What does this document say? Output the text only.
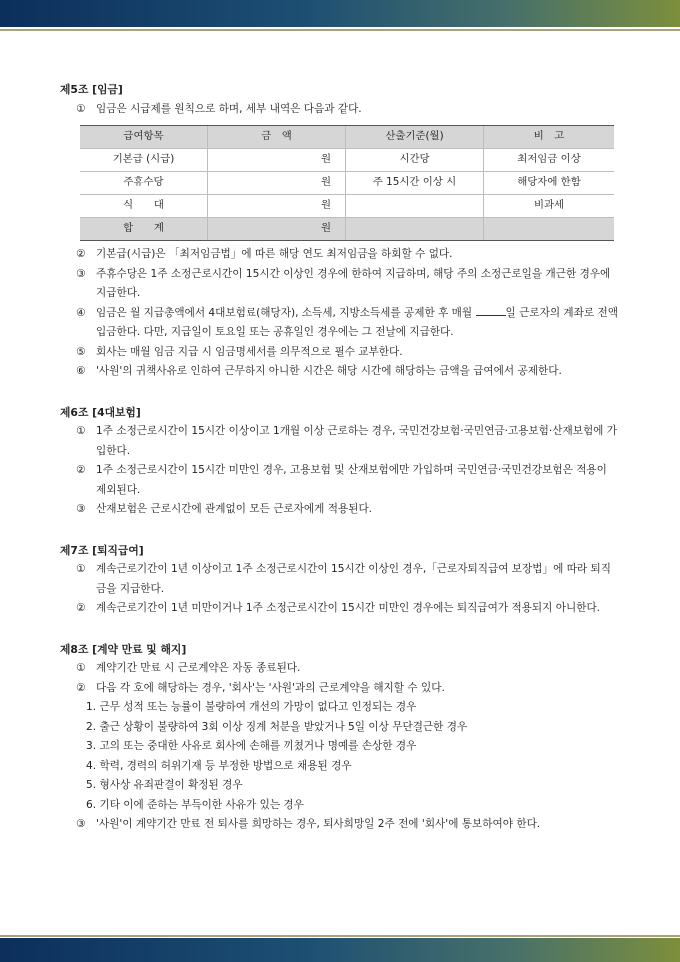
제5조 [임금]

① 임금은 시급제를 원칙으로 하며, 세부 내역은 다음과 같다.
급여항목	금　액	산출기준(월)	비　고
기본급 (시급)	원	시간당	최저임금 이상
주휴수당	원	주 15시간 이상 시	해당자에 한함
식　　대	원		비과세
합　　계	원		
② 기본급(시급)은 「최저임금법」에 따른 해당 연도 최저임금을 하회할 수 없다.
③ 주휴수당은 1주 소정근로시간이 15시간 이상인 경우에 한하여 지급하며, 해당 주의 소정근로일을 개근한 경우에 지급한다.
④ 임금은 월 지급총액에서 4대보험료(해당자), 소득세, 지방소득세를 공제한 후 매월	일 근로자의 계좌로 전액 입금한다. 다만, 지급일이 토요일 또는 공휴일인 경우에는 그 전날에 지급한다.
⑤ 회사는 매월 임금 지급 시 임금명세서를 의무적으로 필수 교부한다.
⑥ '사원'의 귀책사유로 인하여 근무하지 아니한 시간은 해당 시간에 해당하는 금액을 급여에서 공제한다.

제6조 [4대보험]

① 1주 소정근로시간이 15시간 이상이고 1개월 이상 근로하는 경우, 국민건강보험·국민연금·고용보험·산재보험에 가입한다.
② 1주 소정근로시간이 15시간 미만인 경우, 고용보험 및 산재보험에만 가입하며 국민연금·국민건강보험은 적용이 제외된다.
③ 산재보험은 근로시간에 관계없이 모든 근로자에게 적용된다.

제7조 [퇴직급여]

① 계속근로기간이 1년 이상이고 1주 소정근로시간이 15시간 이상인 경우,「근로자퇴직급여 보장법」에 따라 퇴직금을 지급한다.
② 계속근로기간이 1년 미만이거나 1주 소정근로시간이 15시간 미만인 경우에는 퇴직급여가 적용되지 아니한다.

제8조 [계약 만료 및 해지]

① 계약기간 만료 시 근로계약은 자동 종료된다.
② 다음 각 호에 해당하는 경우, '회사'는 '사원'과의 근로계약을 해지할 수 있다.
1. 근무 성적 또는 능률이 불량하여 개선의 가망이 없다고 인정되는 경우
2. 출근 상황이 불량하여 3회 이상 징계 처분을 받았거나 5일 이상 무단결근한 경우
3. 고의 또는 중대한 사유로 회사에 손해를 끼쳤거나 명예를 손상한 경우
4. 학력, 경력의 허위기재 등 부정한 방법으로 채용된 경우
5. 형사상 유죄판결이 확정된 경우
6. 기타 이에 준하는 부득이한 사유가 있는 경우
③ '사원'이 계약기간 만료 전 퇴사를 희망하는 경우, 퇴사희망일 2주 전에 '회사'에 통보하여야 한다.
